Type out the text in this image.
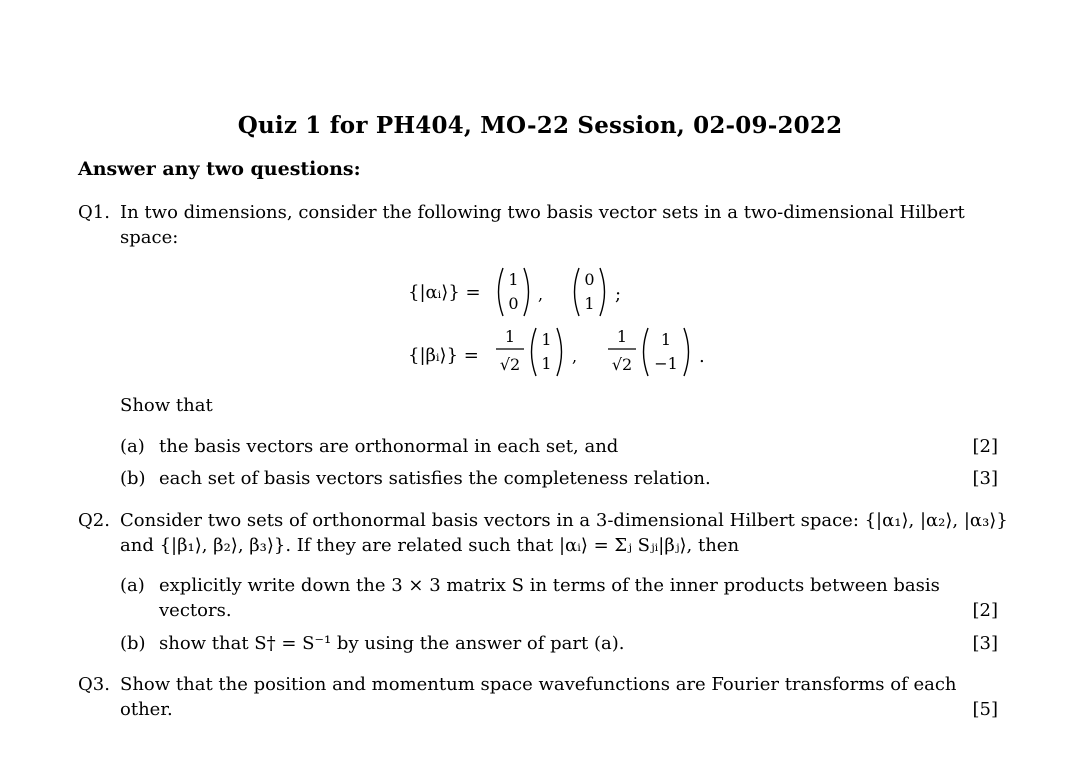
Quiz 1 for PH404, MO-22 Session, 02-09-2022
Answer any two questions:
Q1. In two dimensions, consider the following two basis vector sets in a two-dimensional Hilbert
space:
{|αᵢ⟩} =
1
0 ,
0
1 ;
{|βᵢ⟩} =
1
√2
1
1 ,
1
√2
1
−1 .
Show that
(a) the basis vectors are orthonormal in each set, and	[2]
(b) each set of basis vectors satisfies the completeness relation.	[3]
Q2. Consider two sets of orthonormal basis vectors in a 3-dimensional Hilbert space: {|α₁⟩, |α₂⟩, |α₃⟩}
and {|β₁⟩, β₂⟩, β₃⟩}. If they are related such that |αᵢ⟩ = Σⱼ Sⱼᵢ|βⱼ⟩, then
(a) explicitly write down the 3 × 3 matrix S in terms of the inner products between basis
vectors.	[2]
(b) show that S† = S⁻¹ by using the answer of part (a).	[3]
Q3. Show that the position and momentum space wavefunctions are Fourier transforms of each
other.	[5]
